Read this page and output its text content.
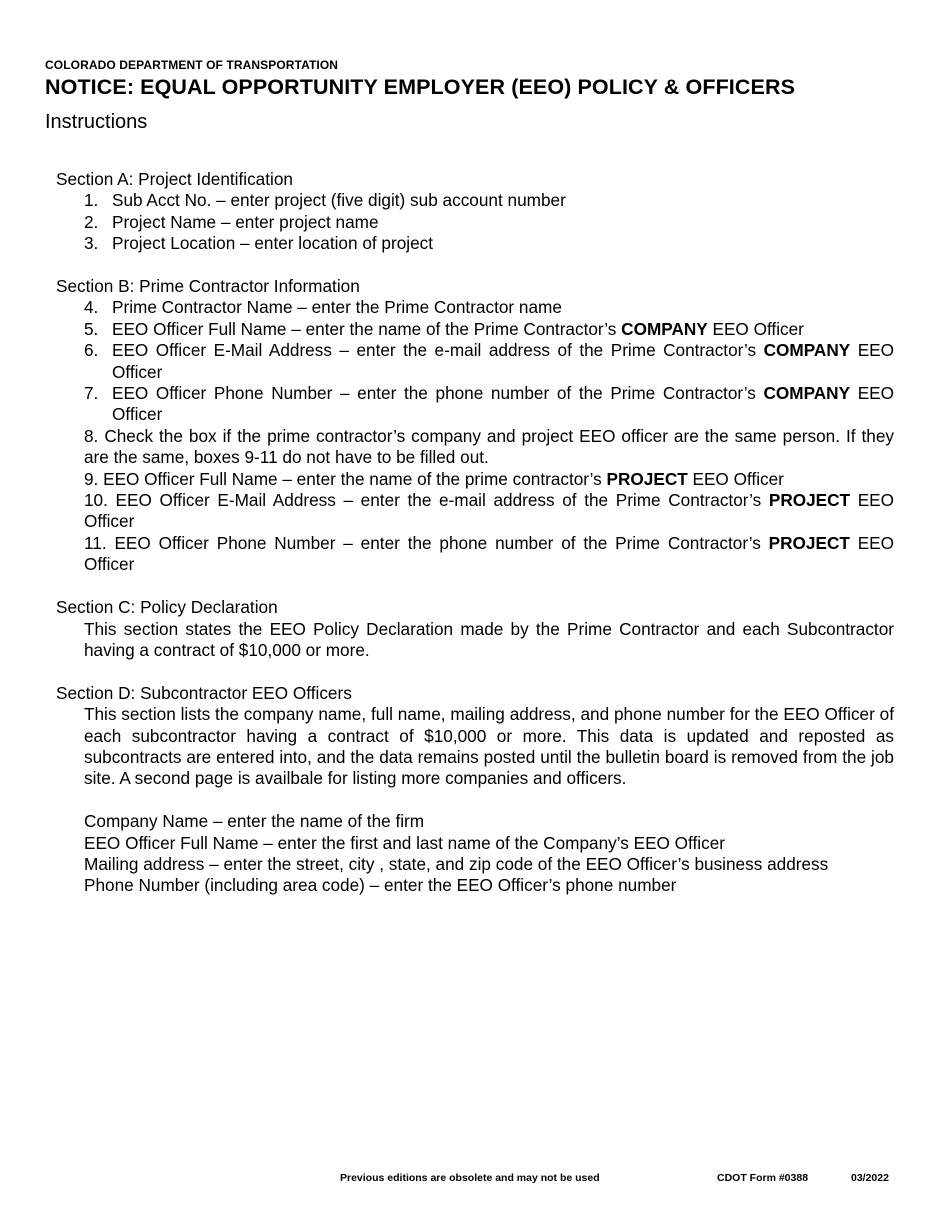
COLORADO DEPARTMENT OF TRANSPORTATION
NOTICE: EQUAL OPPORTUNITY EMPLOYER (EEO) POLICY & OFFICERS
Instructions
Section A: Project Identification
1. Sub Acct No. – enter project (five digit) sub account number
2. Project Name – enter project name
3. Project Location – enter location of project
Section B: Prime Contractor Information
4. Prime Contractor Name – enter the Prime Contractor name
5. EEO Officer Full Name – enter the name of the Prime Contractor’s COMPANY EEO Officer
6. EEO Officer E-Mail Address – enter the e-mail address of the Prime Contractor’s COMPANY EEO Officer
7. EEO Officer Phone Number – enter the phone number of the Prime Contractor’s COMPANY EEO Officer
8. Check the box if the prime contractor’s company and project EEO officer are the same person. If they are the same, boxes 9-11 do not have to be filled out.
9. EEO Officer Full Name – enter the name of the prime contractor’s PROJECT EEO Officer
10. EEO Officer E-Mail Address – enter the e-mail address of the Prime Contractor’s PROJECT EEO Officer
11. EEO Officer Phone Number – enter the phone number of the Prime Contractor’s PROJECT EEO Officer
Section C: Policy Declaration
This section states the EEO Policy Declaration made by the Prime Contractor and each Subcontractor having a contract of $10,000 or more.
Section D: Subcontractor EEO Officers
This section lists the company name, full name, mailing address, and phone number for the EEO Officer of each subcontractor having a contract of $10,000 or more. This data is updated and reposted as subcontracts are entered into, and the data remains posted until the bulletin board is removed from the job site. A second page is availbale for listing more companies and officers.
Company Name – enter the name of the firm
EEO Officer Full Name – enter the first and last name of the Company’s EEO Officer
Mailing address – enter the street, city , state, and zip code of the EEO Officer’s business address
Phone Number (including area code) – enter the EEO Officer’s phone number
Previous editions are obsolete and may not be used	CDOT Form #0388	03/2022
